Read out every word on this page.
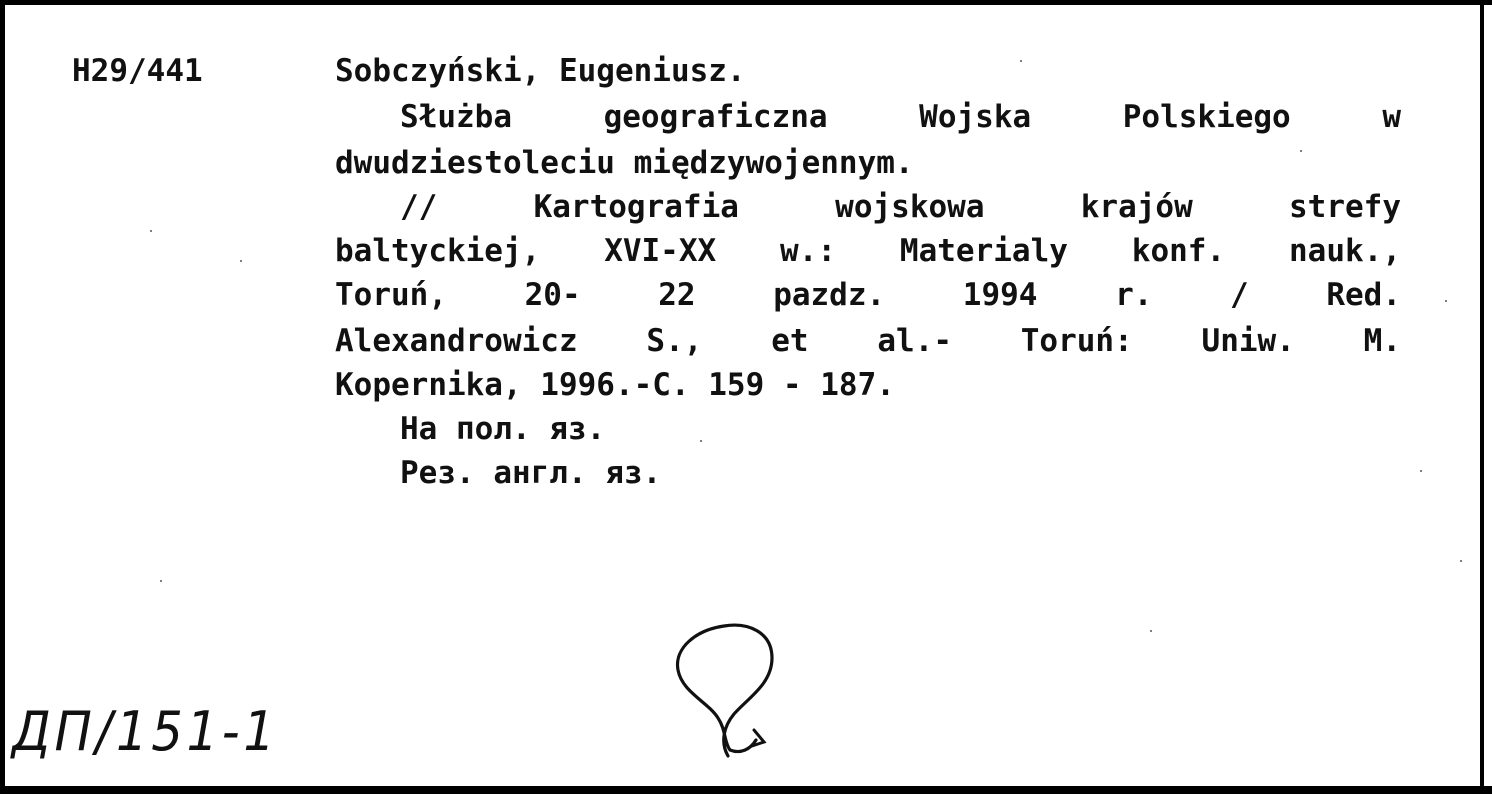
H29/441	Sobczyński, Eugeniusz.
Służba geograficzna Wojska Polskiego w
dwudziestoleciu międzywojennym.
// Kartografia wojskowa krajów strefy
baltyckiej, XVI-XX w.: Materialy konf. nauk.,
Toruń, 20- 22 pazdz. 1994 r. / Red.
Alexandrowicz S., et al.- Toruń: Uniw. M.
Kopernika, 1996.-C. 159 - 187.
На пол. яз.
Рез. англ. яз.
ДП/151-1
